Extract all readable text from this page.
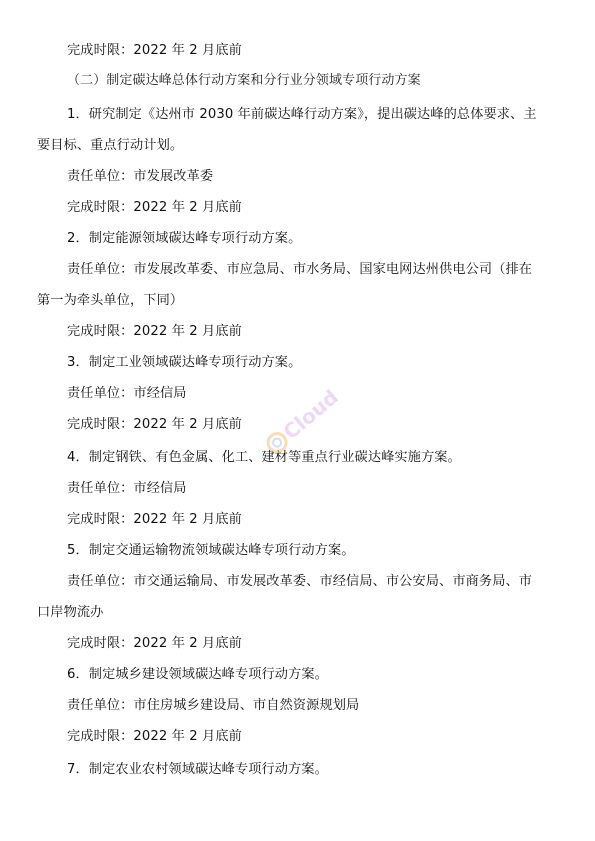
完成时限：2022 年 2 月底前
（二）制定碳达峰总体行动方案和分行业分领域专项行动方案
1．研究制定《达州市 2030 年前碳达峰行动方案》，提出碳达峰的总体要求、主
要目标、重点行动计划。
责任单位：市发展改革委
完成时限：2022 年 2 月底前
2．制定能源领域碳达峰专项行动方案。
责任单位：市发展改革委、市应急局、市水务局、国家电网达州供电公司（排在
第一为牵头单位，下同）
完成时限：2022 年 2 月底前
3．制定工业领域碳达峰专项行动方案。
责任单位：市经信局
完成时限：2022 年 2 月底前
4．制定钢铁、有色金属、化工、建材等重点行业碳达峰实施方案。
责任单位：市经信局
完成时限：2022 年 2 月底前
5．制定交通运输物流领域碳达峰专项行动方案。
责任单位：市交通运输局、市发展改革委、市经信局、市公安局、市商务局、市
口岸物流办
完成时限：2022 年 2 月底前
6．制定城乡建设领域碳达峰专项行动方案。
责任单位：市住房城乡建设局、市自然资源规划局
完成时限：2022 年 2 月底前
7．制定农业农村领域碳达峰专项行动方案。
Cloud
